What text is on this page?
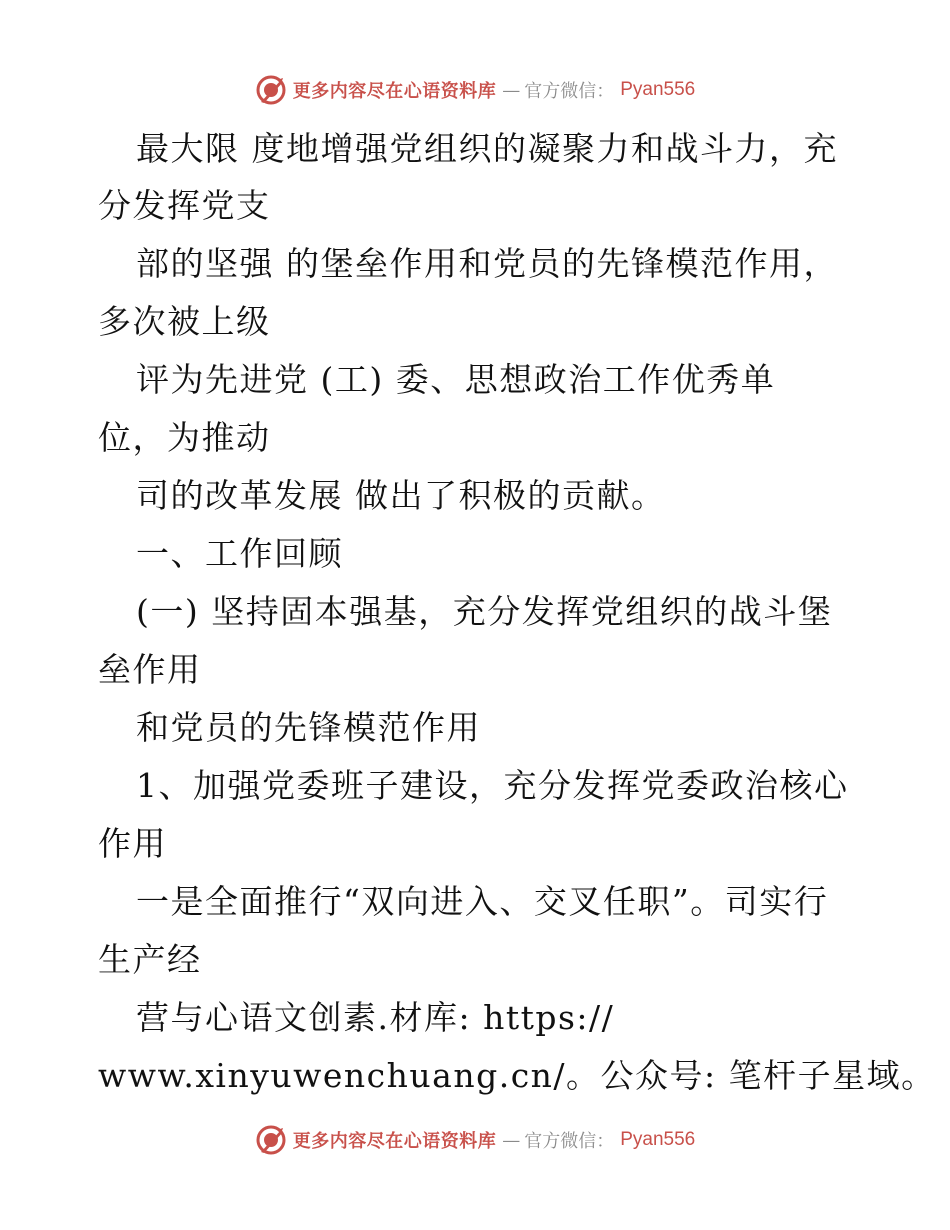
更多内容尽在心语资料库 — 官方微信： Pyan556
最大限 度地增强党组织的凝聚力和战斗力，充
分发挥党支
部的坚强 的堡垒作用和党员的先锋模范作用，
多次被上级
评为先进党 (工) 委、思想政治工作优秀单
位，为推动
司的改革发展 做出了积极的贡献。
一、工作回顾
(一) 坚持固本强基，充分发挥党组织的战斗堡
垒作用
和党员的先锋模范作用
1、加强党委班子建设，充分发挥党委政治核心
作用
一是全面推行“双向进入、交叉任职”。司实行
生产经
营与心语文创素.材库: https://
www.xinyuwenchuang.cn/。公众号: 笔杆子星域。
更多内容尽在心语资料库 — 官方微信： Pyan556
